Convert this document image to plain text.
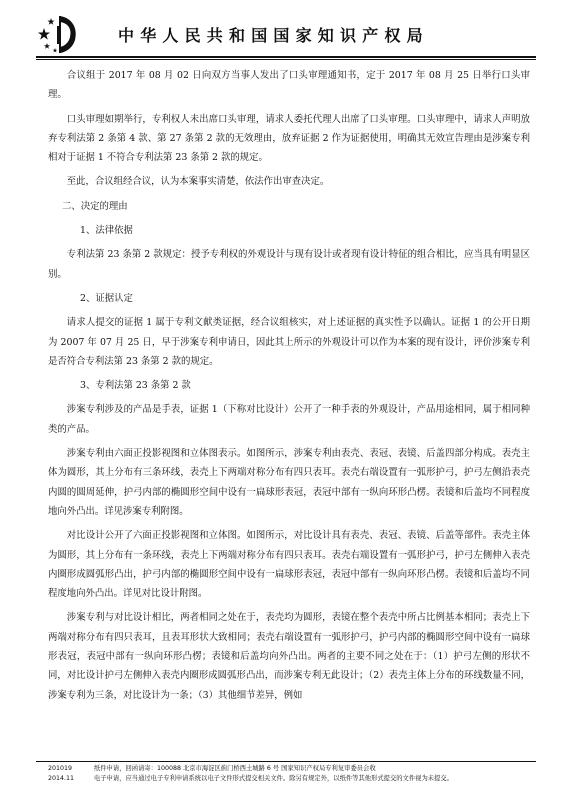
中华人民共和国国家知识产权局

合议组于 2017 年 08 月 02 日向双方当事人发出了口头审理通知书，定于 2017 年 08 月 25 日举行口头审理。

口头审理如期举行，专利权人未出席口头审理，请求人委托代理人出席了口头审理。口头审理中，请求人声明放弃专利法第 2 条第 4 款、第 27 条第 2 款的无效理由，放弃证据 2 作为证据使用，明确其无效宣告理由是涉案专利相对于证据 1 不符合专利法第 23 条第 2 款的规定。

至此，合议组经合议，认为本案事实清楚，依法作出审查决定。

二、决定的理由

1、法律依据

专利法第 23 条第 2 款规定：授予专利权的外观设计与现有设计或者现有设计特征的组合相比，应当具有明显区别。

2、证据认定

请求人提交的证据 1 属于专利文献类证据，经合议组核实，对上述证据的真实性予以确认。证据 1 的公开日期为 2007 年 07 月 25 日，早于涉案专利申请日，因此其上所示的外观设计可以作为本案的现有设计，评价涉案专利是否符合专利法第 23 条第 2 款的规定。

3、专利法第 23 条第 2 款

涉案专利涉及的产品是手表，证据 1（下称对比设计）公开了一种手表的外观设计，产品用途相同，属于相同种类的产品。

涉案专利由六面正投影视图和立体图表示。如图所示，涉案专利由表壳、表冠、表镜、后盖四部分构成。表壳主体为圆形，其上分布有三条环线，表壳上下两端对称分布有四只表耳。表壳右端设置有一弧形护弓，护弓左侧沿表壳内圆的圆周延伸，护弓内部的椭圆形空间中设有一扁球形表冠，表冠中部有一纵向环形凸楞。表镜和后盖均不同程度地向外凸出。详见涉案专利附图。

对比设计公开了六面正投影视图和立体图。如图所示，对比设计具有表壳、表冠、表镜、后盖等部件。表壳主体为圆形，其上分布有一条环线，表壳上下两端对称分布有四只表耳。表壳右端设置有一弧形护弓，护弓左侧伸入表壳内圈形成圆弧形凸出，护弓内部的椭圆形空间中设有一扁球形表冠，表冠中部有一纵向环形凸楞。表镜和后盖均不同程度地向外凸出。详见对比设计附图。

涉案专利与对比设计相比，两者相同之处在于，表壳均为圆形，表镜在整个表壳中所占比例基本相同；表壳上下两端对称分布有四只表耳，且表耳形状大致相同；表壳右端设置有一弧形护弓，护弓内部的椭圆形空间中设有一扁球形表冠，表冠中部有一纵向环形凸楞；表镜和后盖均向外凸出。两者的主要不同之处在于：（1）护弓左侧的形状不同，对比设计护弓左侧伸入表壳内圈形成圆弧形凸出，而涉案专利无此设计；（2）表壳主体上分布的环线数量不同，涉案专利为三条，对比设计为一条；（3）其他细节差异，例如

201019	纸件申请，回函请寄：100088 北京市海淀区蓟门桥西土城路 6 号 国家知识产权局专利复审委员会收
2014.11	电子申请，应当通过电子专利申请系统以电子文件形式提交相关文件。除另有规定外，以纸件等其他形式提交的文件视为未提交。
